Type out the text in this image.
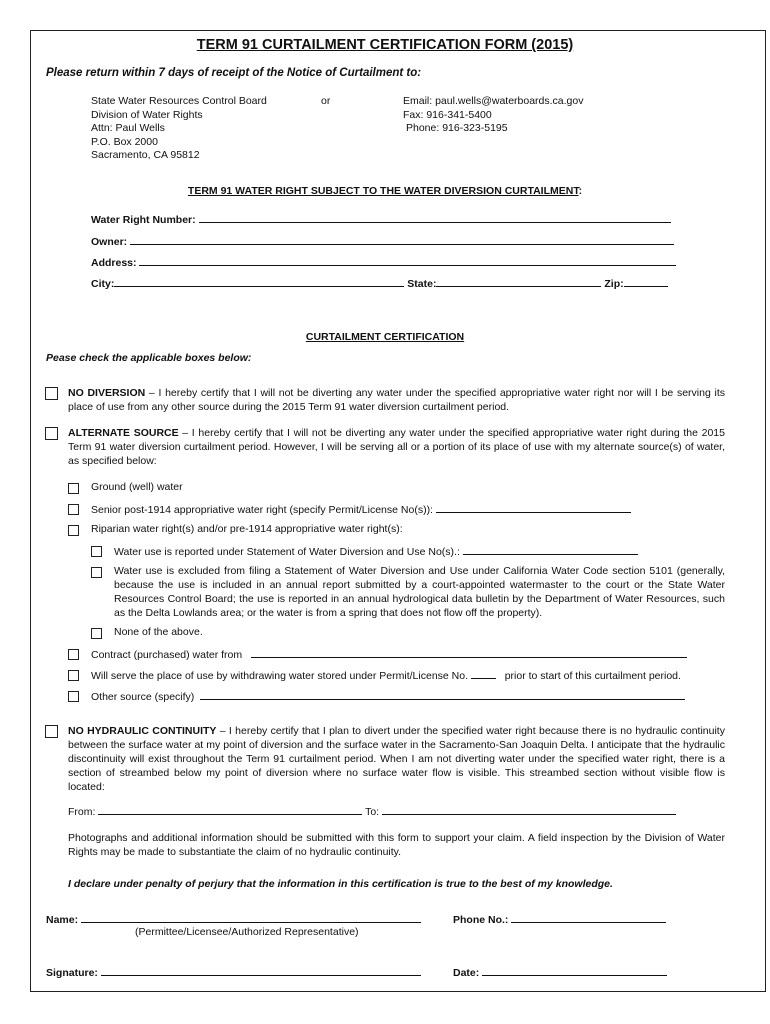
TERM 91 CURTAILMENT CERTIFICATION FORM (2015)
Please return within 7 days of receipt of the Notice of Curtailment to:
State Water Resources Control Board
Division of Water Rights
Attn: Paul Wells
P.O. Box 2000
Sacramento, CA 95812
or	Email: paul.wells@waterboards.ca.gov
Fax: 916-341-5400
Phone: 916-323-5195
TERM 91 WATER RIGHT SUBJECT TO THE WATER DIVERSION CURTAILMENT:
Water Right Number:
Owner:
Address:
City:	State:	Zip:
CURTAILMENT CERTIFICATION
Pease check the applicable boxes below:
NO DIVERSION – I hereby certify that I will not be diverting any water under the specified appropriative water right nor will I be serving its place of use from any other source during the 2015 Term 91 water diversion curtailment period.
ALTERNATE SOURCE – I hereby certify that I will not be diverting any water under the specified appropriative water right during the 2015 Term 91 water diversion curtailment period. However, I will be serving all or a portion of its place of use with my alternate source(s) of water, as specified below:
Ground (well) water
Senior post-1914 appropriative water right (specify Permit/License No(s)):
Riparian water right(s) and/or pre-1914 appropriative water right(s):
Water use is reported under Statement of Water Diversion and Use No(s).:
Water use is excluded from filing a Statement of Water Diversion and Use under California Water Code section 5101 (generally, because the use is included in an annual report submitted by a court-appointed watermaster to the court or the State Water Resources Control Board; the use is reported in an annual hydrological data bulletin by the Department of Water Resources, such as the Delta Lowlands area; or the water is from a spring that does not flow off the property).
None of the above.
Contract (purchased) water from
Will serve the place of use by withdrawing water stored under Permit/License No.	prior to start of this curtailment period.
Other source (specify)
NO HYDRAULIC CONTINUITY – I hereby certify that I plan to divert under the specified water right because there is no hydraulic continuity between the surface water at my point of diversion and the surface water in the Sacramento-San Joaquin Delta. I anticipate that the hydraulic discontinuity will exist throughout the Term 91 curtailment period. When I am not diverting water under the specified water right, there is a section of streambed below my point of diversion where no surface water flow is visible. This streambed section without visible flow is located:
From:	To:
Photographs and additional information should be submitted with this form to support your claim. A field inspection by the Division of Water Rights may be made to substantiate the claim of no hydraulic continuity.
I declare under penalty of perjury that the information in this certification is true to the best of my knowledge.
Name:
(Permittee/Licensee/Authorized Representative)
Phone No.:
Signature:	Date:
